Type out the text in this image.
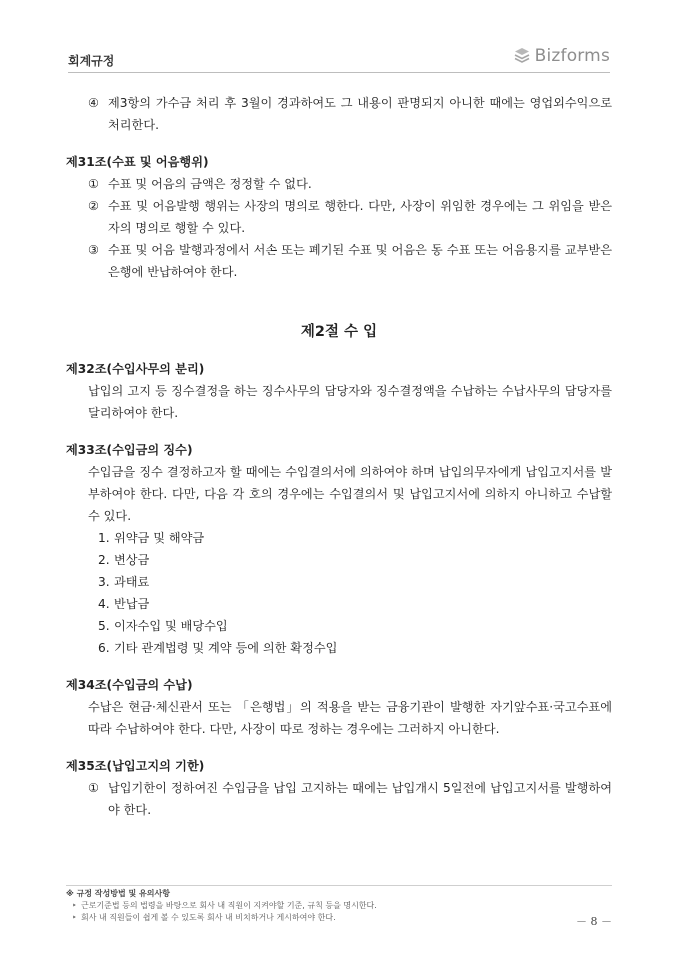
회계규정	Bizforms
④ 제3항의 가수금 처리 후 3월이 경과하여도 그 내용이 판명되지 아니한 때에는 영업외수익으로 처리한다.
제31조(수표 및 어음행위)
① 수표 및 어음의 금액은 정정할 수 없다.
② 수표 및 어음발행 행위는 사장의 명의로 행한다. 다만, 사장이 위임한 경우에는 그 위임을 받은 자의 명의로 행할 수 있다.
③ 수표 및 어음 발행과정에서 서손 또는 폐기된 수표 및 어음은 동 수표 또는 어음용지를 교부받은 은행에 반납하여야 한다.
제2절 수 입
제32조(수입사무의 분리)
납입의 고지 등 징수결정을 하는 징수사무의 담당자와 징수결정액을 수납하는 수납사무의 담당자를 달리하여야 한다.
제33조(수입금의 징수)
수입금을 징수 결정하고자 할 때에는 수입결의서에 의하여야 하며 납입의무자에게 납입고지서를 발부하여야 한다. 다만, 다음 각 호의 경우에는 수입결의서 및 납입고지서에 의하지 아니하고 수납할 수 있다.
1. 위약금 및 해약금
2. 변상금
3. 과태료
4. 반납금
5. 이자수입 및 배당수입
6. 기타 관계법령 및 계약 등에 의한 확정수입
제34조(수입금의 수납)
수납은 현금·체신관서 또는 「은행법」의 적용을 받는 금융기관이 발행한 자기앞수표·국고수표에 따라 수납하여야 한다. 다만, 사장이 따로 정하는 경우에는 그러하지 아니한다.
제35조(납입고지의 기한)
① 납입기한이 정하여진 수입금을 납입 고지하는 때에는 납입개시 5일전에 납입고지서를 발행하여야 한다.
※ 규정 작성방법 및 유의사항
‣ 근로기준법 등의 법령을 바탕으로 회사 내 직원이 지켜야할 기준, 규칙 등을 명시한다.
‣ 회사 내 직원들이 쉽게 볼 수 있도록 회사 내 비치하거나 게시하여야 한다.	－ 8 －
